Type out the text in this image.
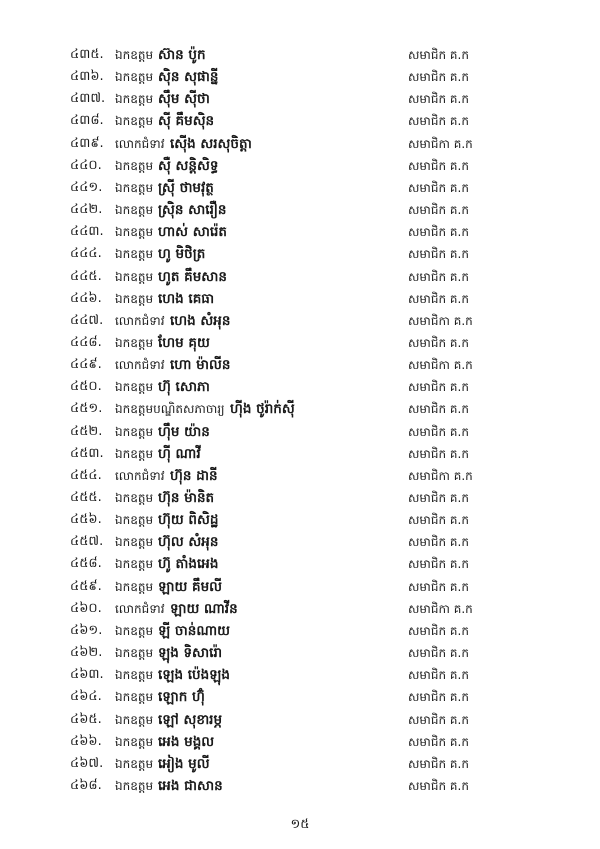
៤៣៥. ឯកឧត្តម ស៊ាន ប៉ូក	សមាជិក គ.ក
៤៣៦. ឯកឧត្តម ស៊ិន សុផាន្នី	សមាជិក គ.ក
៤៣៧. ឯកឧត្តម ស៊ឹម ស៊ីថា	សមាជិក គ.ក
៤៣៨. ឯកឧត្តម ស៊ី គឹមស៊ិន	សមាជិក គ.ក
៤៣៩. លោកជំទាវ ស៊ើង សរសុចិត្តា	សមាជិកា គ.ក
៤៤០. ឯកឧត្តម ស៊ឺ សន្តិសិទ្ធ	សមាជិក គ.ក
៤៤១. ឯកឧត្តម ស្រ៊ី ថាមវុត្ថ	សមាជិក គ.ក
៤៤២. ឯកឧត្តម ស្រ៊ិន សារឿន	សមាជិក គ.ក
៤៤៣. ឯកឧត្តម ហាស់ សារ៉េត	សមាជិក គ.ក
៤៤៤. ឯកឧត្តម ហូ មិថិត្រ	សមាជិក គ.ក
៤៤៥. ឯកឧត្តម ហូត គឹមសាន	សមាជិក គ.ក
៤៤៦. ឯកឧត្តម ហេង គេធា	សមាជិក គ.ក
៤៤៧. លោកជំទាវ ហេង សំអុន	សមាជិកា គ.ក
៤៤៨. ឯកឧត្តម ហែម គុយ	សមាជិក គ.ក
៤៤៩. លោកជំទាវ ហោ ម៉ាលីន	សមាជិកា គ.ក
៤៥០. ឯកឧត្តម ហ៊ុ សោភា	សមាជិក គ.ក
៤៥១. ឯកឧត្តមបណ្ឌិតសភាចារ្យ ហ៊ីង ថូរ៉ាក់ស៊ី	សមាជិក គ.ក
៤៥២. ឯកឧត្តម ហ៊ឹម យ៉ាន	សមាជិក គ.ក
៤៥៣. ឯកឧត្តម ហ៊ី ណាវី	សមាជិក គ.ក
៤៥៤. លោកជំទាវ ហ៊ុន ដានី	សមាជិកា គ.ក
៤៥៥. ឯកឧត្តម ហ៊ុន ម៉ានិត	សមាជិក គ.ក
៤៥៦. ឯកឧត្តម ហ៊ុយ ពិសិដ្ឋ	សមាជិក គ.ក
៤៥៧. ឯកឧត្តម ហ៊ុល សំអុន	សមាជិក គ.ក
៤៥៨. ឯកឧត្តម ហ៊ូ តាំងអេង	សមាជិក គ.ក
៤៥៩. ឯកឧត្តម ឡាយ គឹមលី	សមាជិក គ.ក
៤៦០. លោកជំទាវ ឡាយ ណាវីន	សមាជិកា គ.ក
៤៦១. ឯកឧត្តម ឡី ចាន់ណាយ	សមាជិក គ.ក
៤៦២. ឯកឧត្តម ឡុង ទិសារ៉ោ	សមាជិក គ.ក
៤៦៣. ឯកឧត្តម ឡេង ប៉េងឡុង	សមាជិក គ.ក
៤៦៤. ឯកឧត្តម ឡោក ហ៊ុំ	សមាជិក គ.ក
៤៦៥. ឯកឧត្តម ឡៅ សុខារម្ភ	សមាជិក គ.ក
៤៦៦. ឯកឧត្តម អេង មង្គល	សមាជិក គ.ក
៤៦៧. ឯកឧត្តម អៀង មូលី	សមាជិក គ.ក
៤៦៨. ឯកឧត្តម អេង ជាសាន	សមាជិក គ.ក
១៥
